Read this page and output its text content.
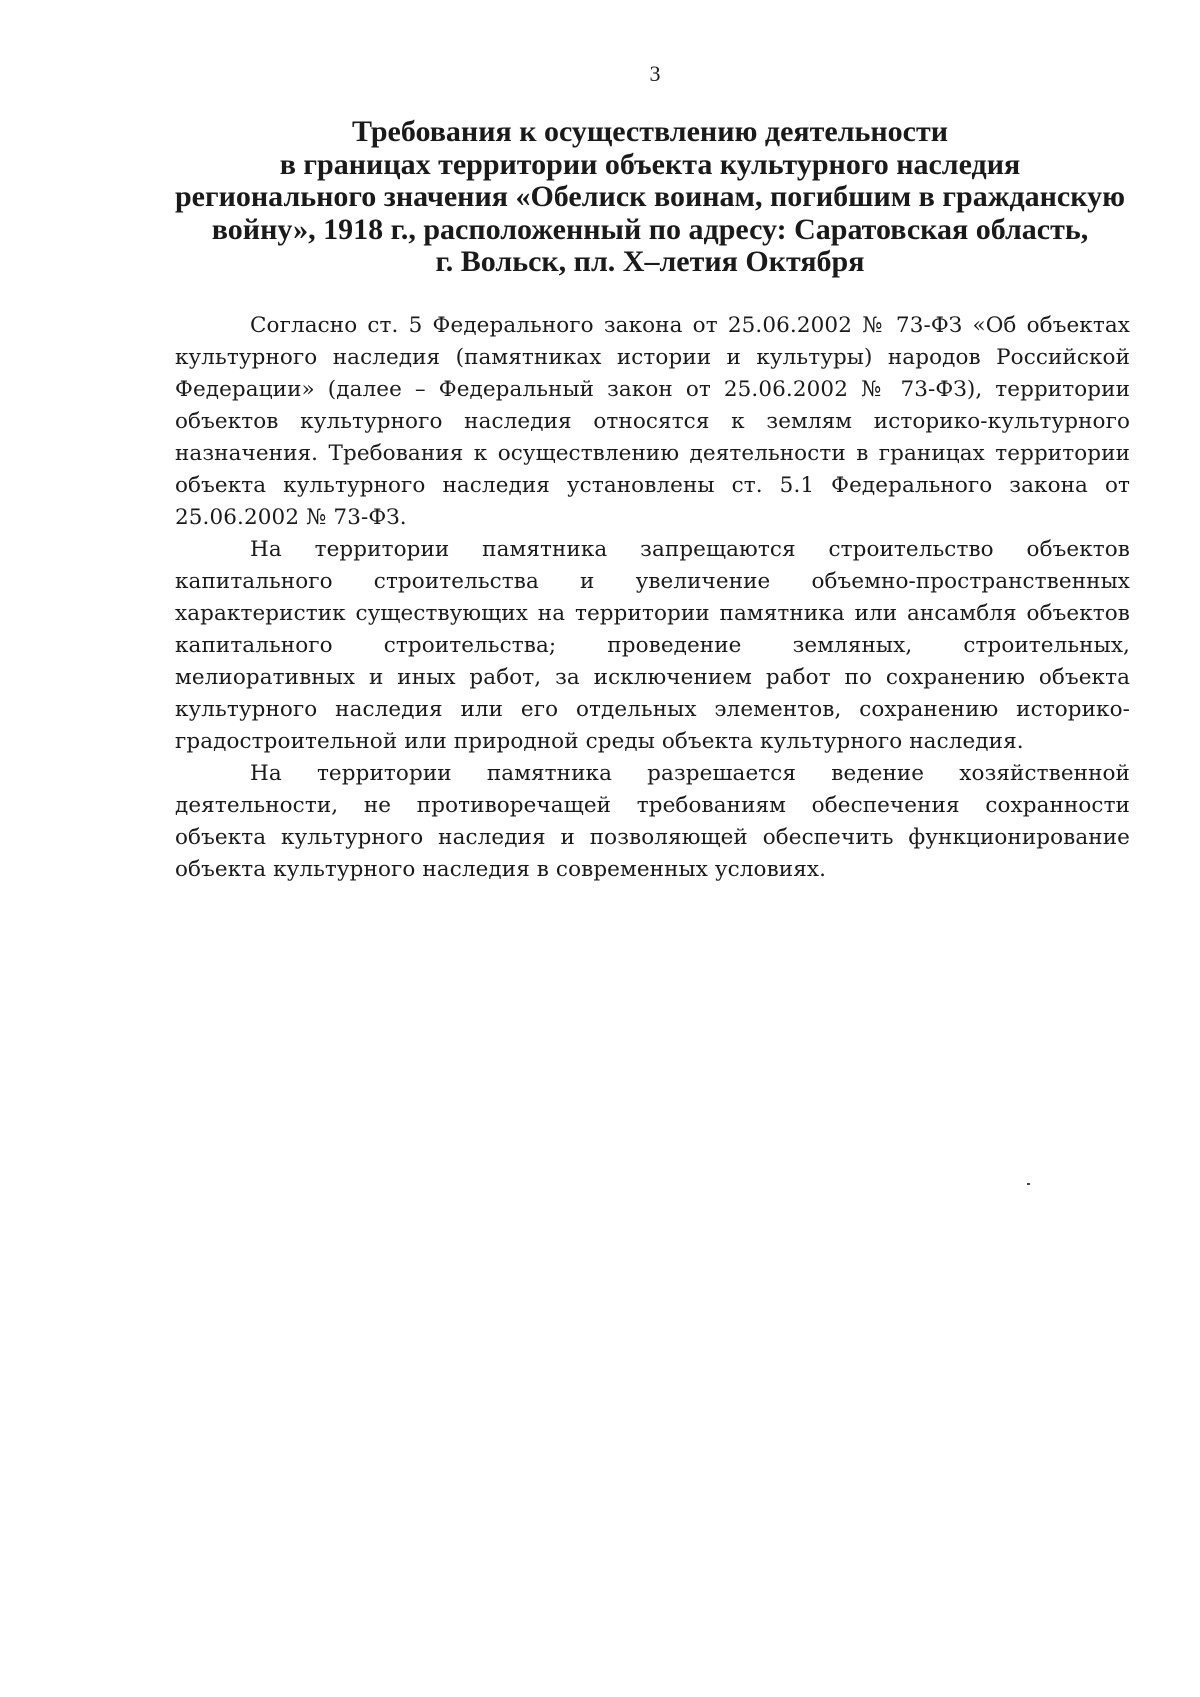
3
Требования к осуществлению деятельности
в границах территории объекта культурного наследия
регионального значения «Обелиск воинам, погибшим в гражданскую
войну», 1918 г., расположенный по адресу: Саратовская область,
г. Вольск, пл. Х–летия Октября

Согласно ст. 5 Федерального закона от 25.06.2002 № 73-ФЗ «Об объектах культурного наследия (памятниках истории и культуры) народов Российской Федерации» (далее – Федеральный закон от 25.06.2002 № 73-ФЗ), территории объектов культурного наследия относятся к землям историко-культурного назначения. Требования к осуществлению деятельности в границах территории объекта культурного наследия установлены ст. 5.1 Федерального закона от 25.06.2002 № 73-ФЗ.

На территории памятника запрещаются строительство объектов капитального строительства и увеличение объемно-пространственных характеристик существующих на территории памятника или ансамбля объектов капитального строительства; проведение земляных, строительных, мелиоративных и иных работ, за исключением работ по сохранению объекта культурного наследия или его отдельных элементов, сохранению историко-градостроительной или природной среды объекта культурного наследия.

На территории памятника разрешается ведение хозяйственной деятельности, не противоречащей требованиям обеспечения сохранности объекта культурного наследия и позволяющей обеспечить функционирование объекта культурного наследия в современных условиях.
